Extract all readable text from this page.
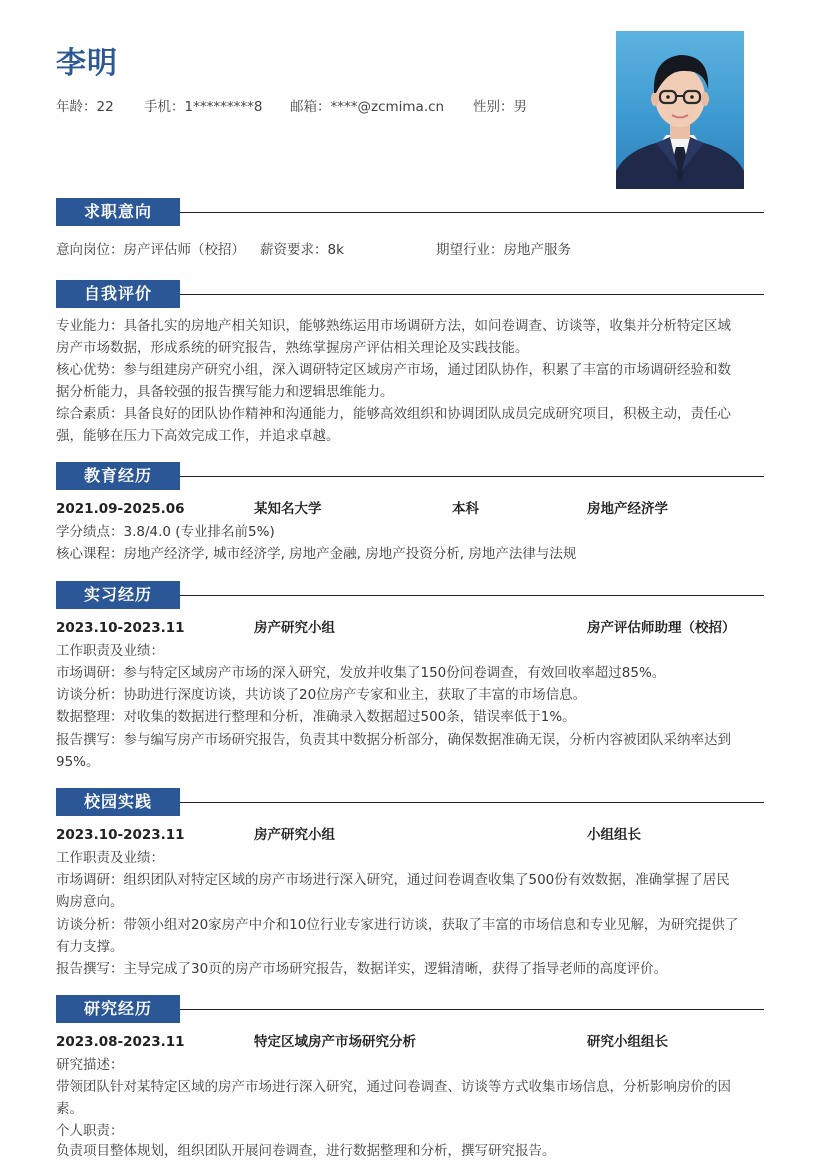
李明
年龄：22 手机：1*********8 邮箱：****@zcmima.cn 性别：男
求职意向
意向岗位：房产评估师（校招） 薪资要求：8k	期望行业：房地产服务
自我评价
专业能力：具备扎实的房地产相关知识，能够熟练运用市场调研方法，如问卷调查、访谈等，收集并分析特定区域
房产市场数据，形成系统的研究报告，熟练掌握房产评估相关理论及实践技能。
核心优势：参与组建房产研究小组，深入调研特定区域房产市场，通过团队协作，积累了丰富的市场调研经验和数
据分析能力，具备较强的报告撰写能力和逻辑思维能力。
综合素质：具备良好的团队协作精神和沟通能力，能够高效组织和协调团队成员完成研究项目，积极主动，责任心
强，能够在压力下高效完成工作，并追求卓越。
教育经历
2021.09-2025.06	某知名大学	本科	房地产经济学
学分绩点：3.8/4.0 (专业排名前5%)
核心课程：房地产经济学, 城市经济学, 房地产金融, 房地产投资分析, 房地产法律与法规
实习经历
2023.10-2023.11	房产研究小组	房产评估师助理（校招）
工作职责及业绩：
市场调研：参与特定区域房产市场的深入研究，发放并收集了150份问卷调查，有效回收率超过85%。
访谈分析：协助进行深度访谈，共访谈了20位房产专家和业主，获取了丰富的市场信息。
数据整理：对收集的数据进行整理和分析，准确录入数据超过500条，错误率低于1%。
报告撰写：参与编写房产市场研究报告，负责其中数据分析部分，确保数据准确无误，分析内容被团队采纳率达到
95%。
校园实践
2023.10-2023.11	房产研究小组	小组组长
工作职责及业绩：
市场调研：组织团队对特定区域的房产市场进行深入研究，通过问卷调查收集了500份有效数据，准确掌握了居民
购房意向。
访谈分析：带领小组对20家房产中介和10位行业专家进行访谈，获取了丰富的市场信息和专业见解，为研究提供了
有力支撑。
报告撰写：主导完成了30页的房产市场研究报告，数据详实，逻辑清晰，获得了指导老师的高度评价。
研究经历
2023.08-2023.11	特定区域房产市场研究分析	研究小组组长
研究描述：
带领团队针对某特定区域的房产市场进行深入研究，通过问卷调查、访谈等方式收集市场信息，分析影响房价的因
素。
个人职责：
负责项目整体规划，组织团队开展问卷调查，进行数据整理和分析，撰写研究报告。
